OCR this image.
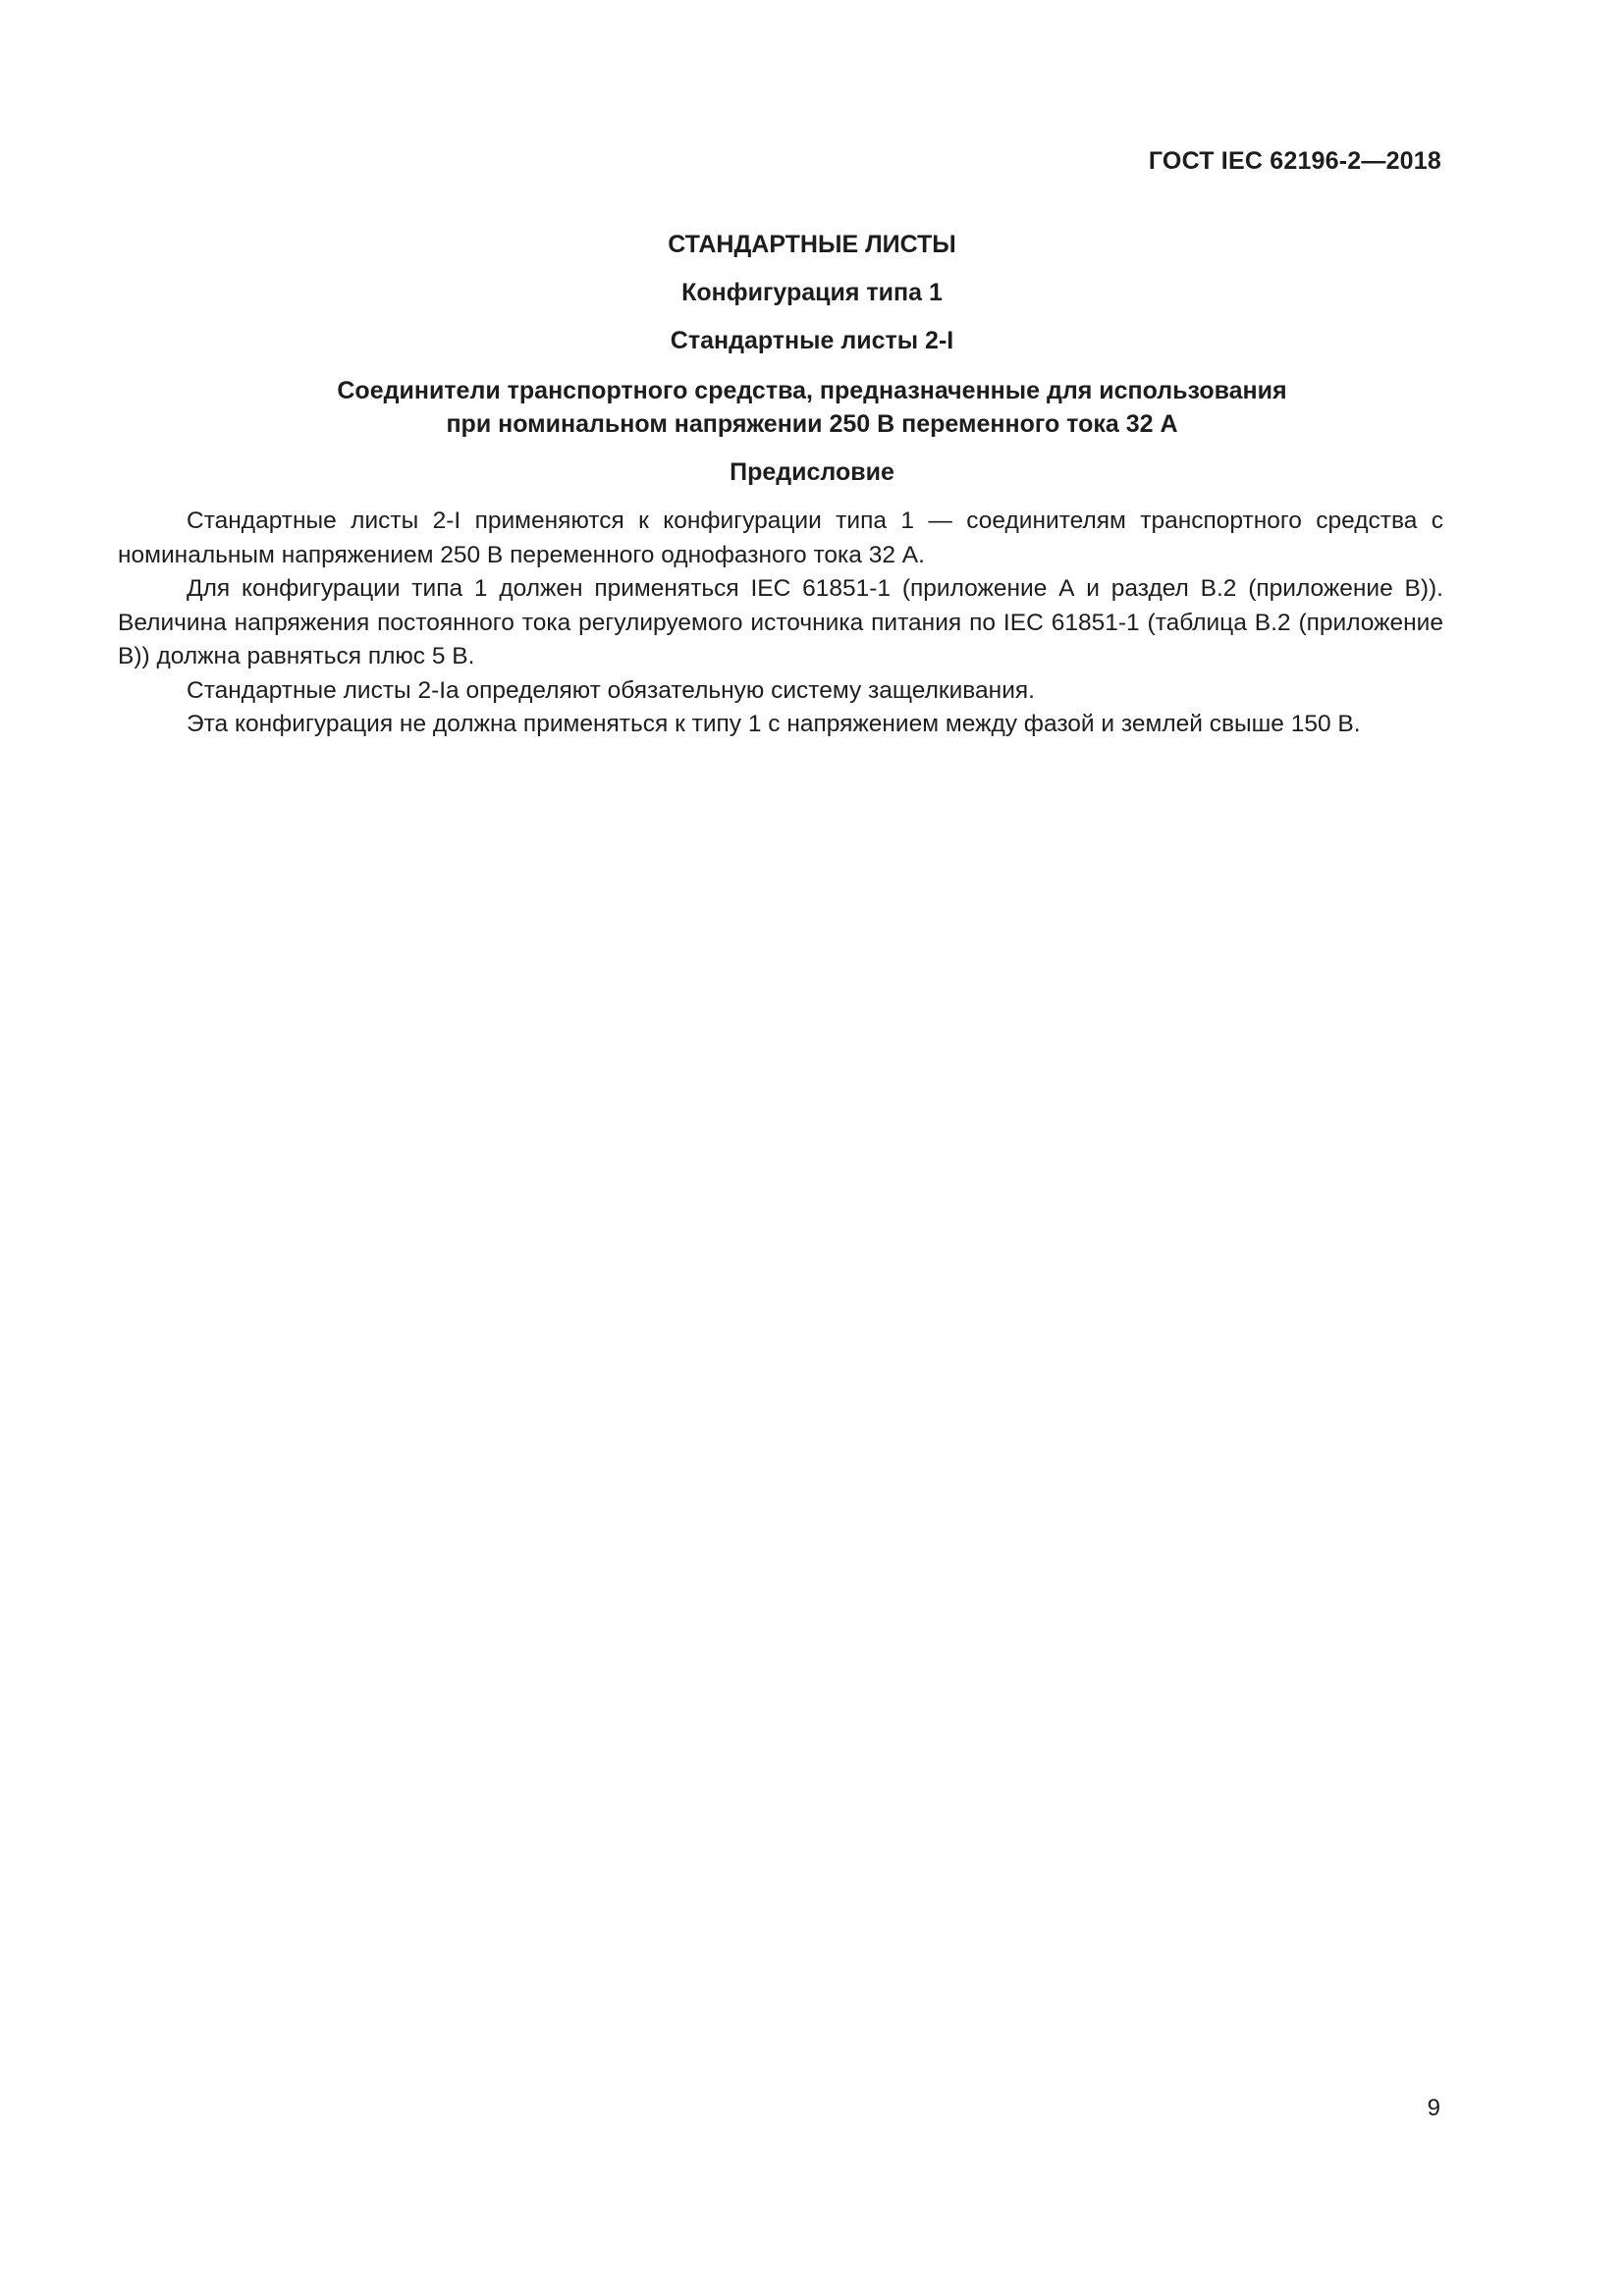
ГОСТ IEC 62196-2—2018
СТАНДАРТНЫЕ ЛИСТЫ
Конфигурация типа 1
Стандартные листы 2-I
Соединители транспортного средства, предназначенные для использования
при номинальном напряжении 250 В переменного тока 32 А
Предисловие

Стандартные листы 2-I применяются к конфигурации типа 1 — соединителям транспортного средства с номинальным напряжением 250 В переменного однофазного тока 32 А.

Для конфигурации типа 1 должен применяться IEC 61851-1 (приложение А и раздел В.2 (приложение В)). Величина напряжения постоянного тока регулируемого источника питания по IEC 61851-1 (таблица В.2 (приложение В)) должна равняться плюс 5 В.

Стандартные листы 2-Ia определяют обязательную систему защелкивания.

Эта конфигурация не должна применяться к типу 1 с напряжением между фазой и землей свыше 150 В.

9
